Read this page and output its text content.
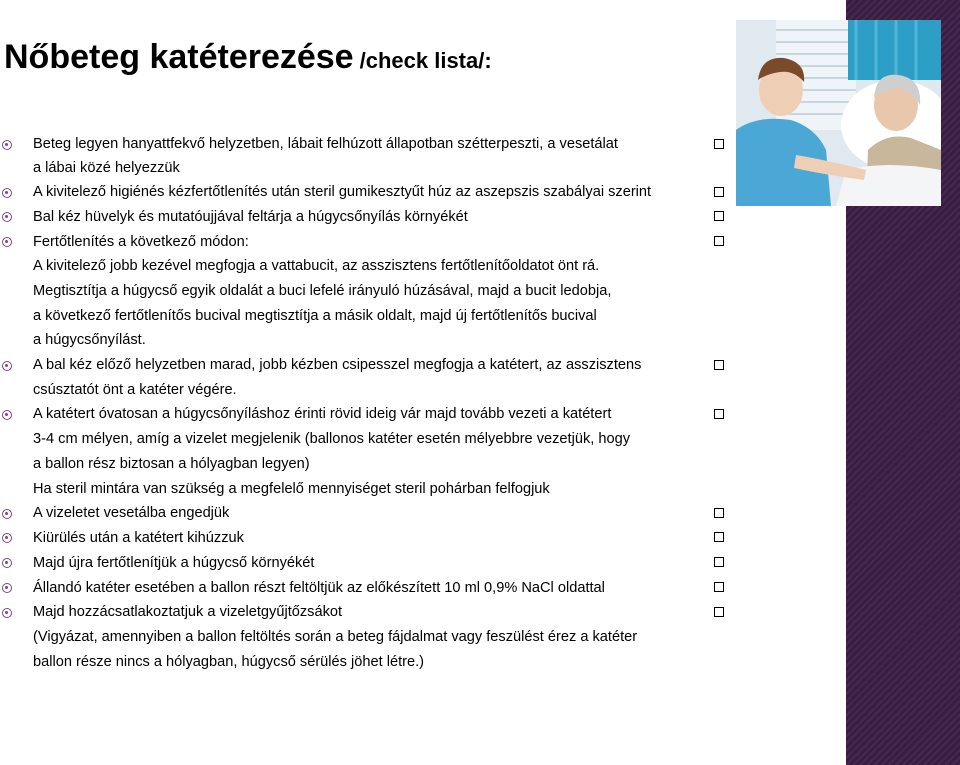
Nőbeteg katéterezése /check lista/:
Beteg legyen hanyattfekvő helyzetben, lábait felhúzott állapotban szétterpeszti, a vesetálat
a lábai közé helyezzük
A kivitelező higiénés kézfertőtlenítés után steril gumikesztyűt húz az aszepszis szabályai szerint
Bal kéz hüvelyk és mutatóujjával feltárja a húgycsőnyílás környékét
Fertőtlenítés a következő módon:
A kivitelező jobb kezével megfogja a vattabucit, az asszisztens fertőtlenítőoldatot önt rá.
Megtisztítja a húgycső egyik oldalát a buci lefelé irányuló húzásával, majd a bucit ledobja,
a következő fertőtlenítős bucival megtisztítja a másik oldalt, majd új fertőtlenítős bucival
a húgycsőnyílást.
A bal kéz előző helyzetben marad, jobb kézben csipesszel megfogja a katétert, az asszisztens
csúsztatót önt a katéter végére.
A katétert óvatosan a húgycsőnyíláshoz érinti rövid ideig vár majd tovább vezeti a katétert
3-4 cm mélyen, amíg a vizelet megjelenik (ballonos katéter esetén mélyebbre vezetjük, hogy
a ballon rész biztosan a hólyagban legyen)
Ha steril mintára van szükség a megfelelő mennyiséget steril pohárban felfogjuk
A vizeletet vesetálba engedjük
Kiürülés után a katétert kihúzzuk
Majd újra fertőtlenítjük a húgycső környékét
Állandó katéter esetében a ballon részt feltöltjük az előkészített 10 ml 0,9% NaCl oldattal
Majd hozzácsatlakoztatjuk a vizeletgyűjtőzsákot
(Vigyázat, amennyiben a ballon feltöltés során a beteg fájdalmat vagy feszülést érez a katéter
ballon része nincs a hólyagban, húgycső sérülés jöhet létre.)
